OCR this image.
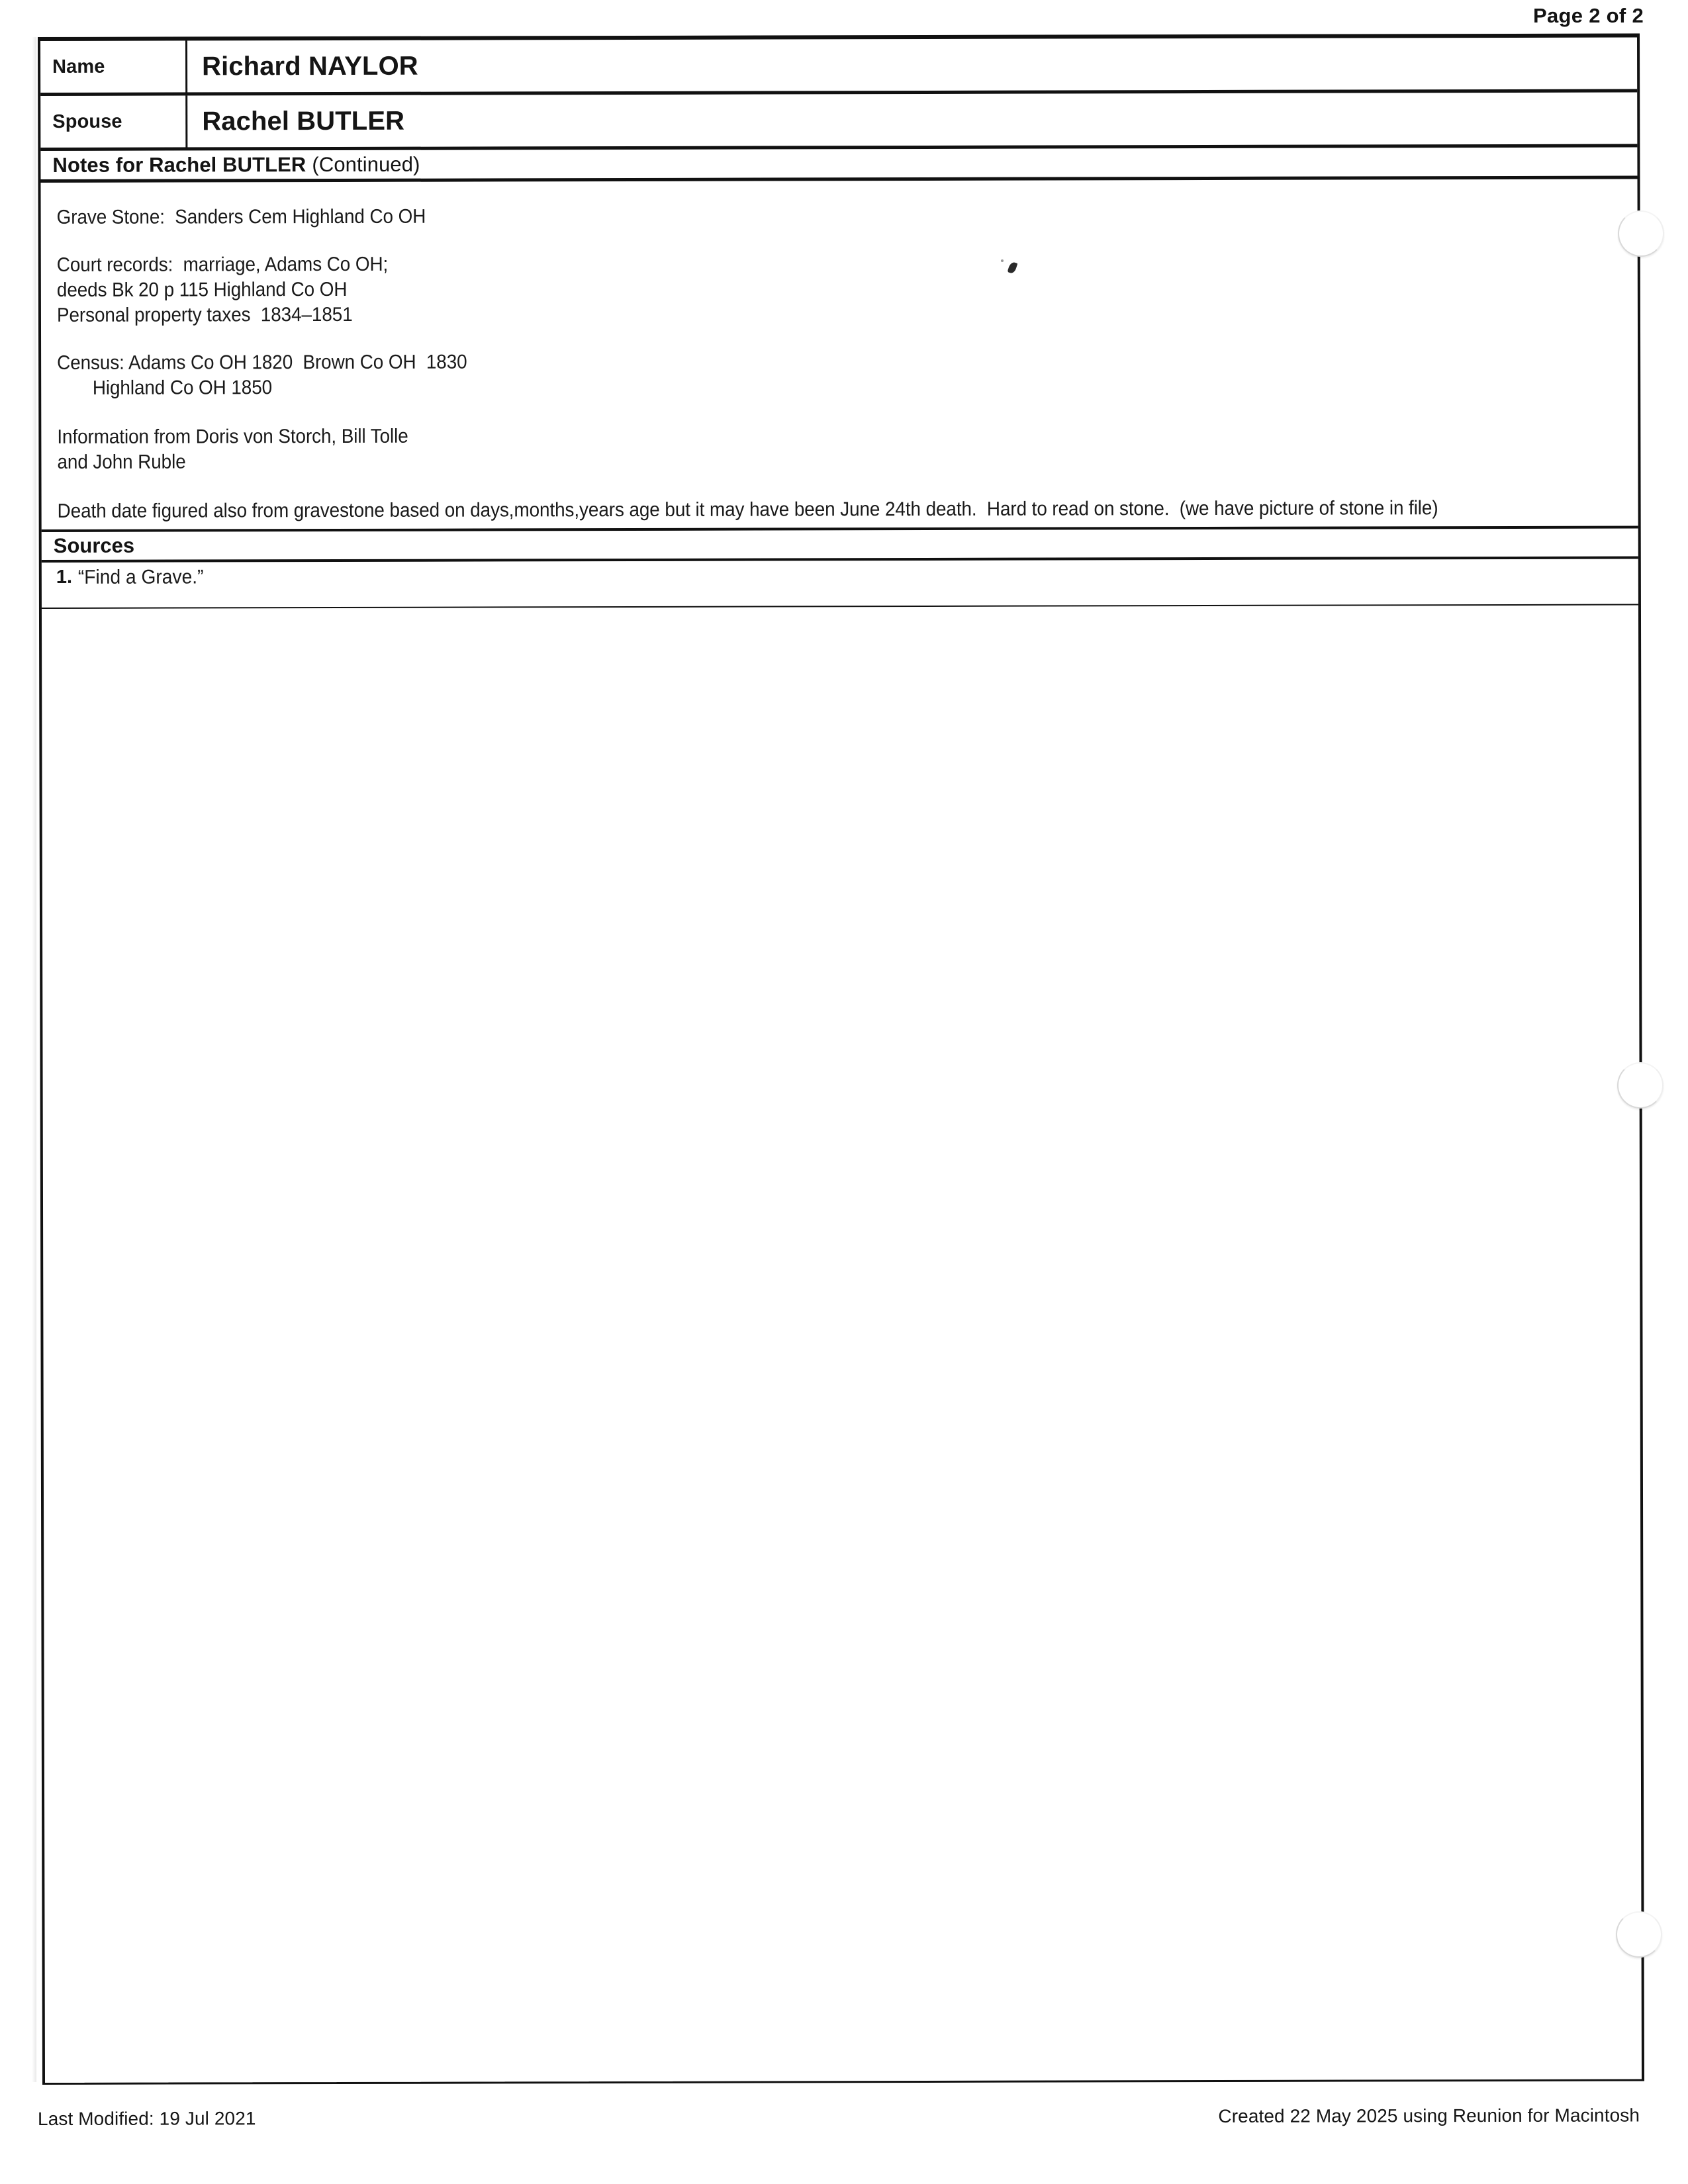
Page 2 of 2
Name	Richard NAYLOR
Spouse	Rachel BUTLER
Notes for Rachel BUTLER (Continued)
Grave Stone:  Sanders Cem Highland Co OH
Court records:  marriage, Adams Co OH;
deeds Bk 20 p 115 Highland Co OH
Personal property taxes  1834–1851
Census: Adams Co OH 1820  Brown Co OH  1830
Highland Co OH 1850
Information from Doris von Storch, Bill Tolle
and John Ruble
Death date figured also from gravestone based on days,months,years age but it may have been June 24th death.  Hard to read on stone.  (we have picture of stone in file)
Sources
1. “Find a Grave.”
Last Modified: 19 Jul 2021	Created 22 May 2025 using Reunion for Macintosh
